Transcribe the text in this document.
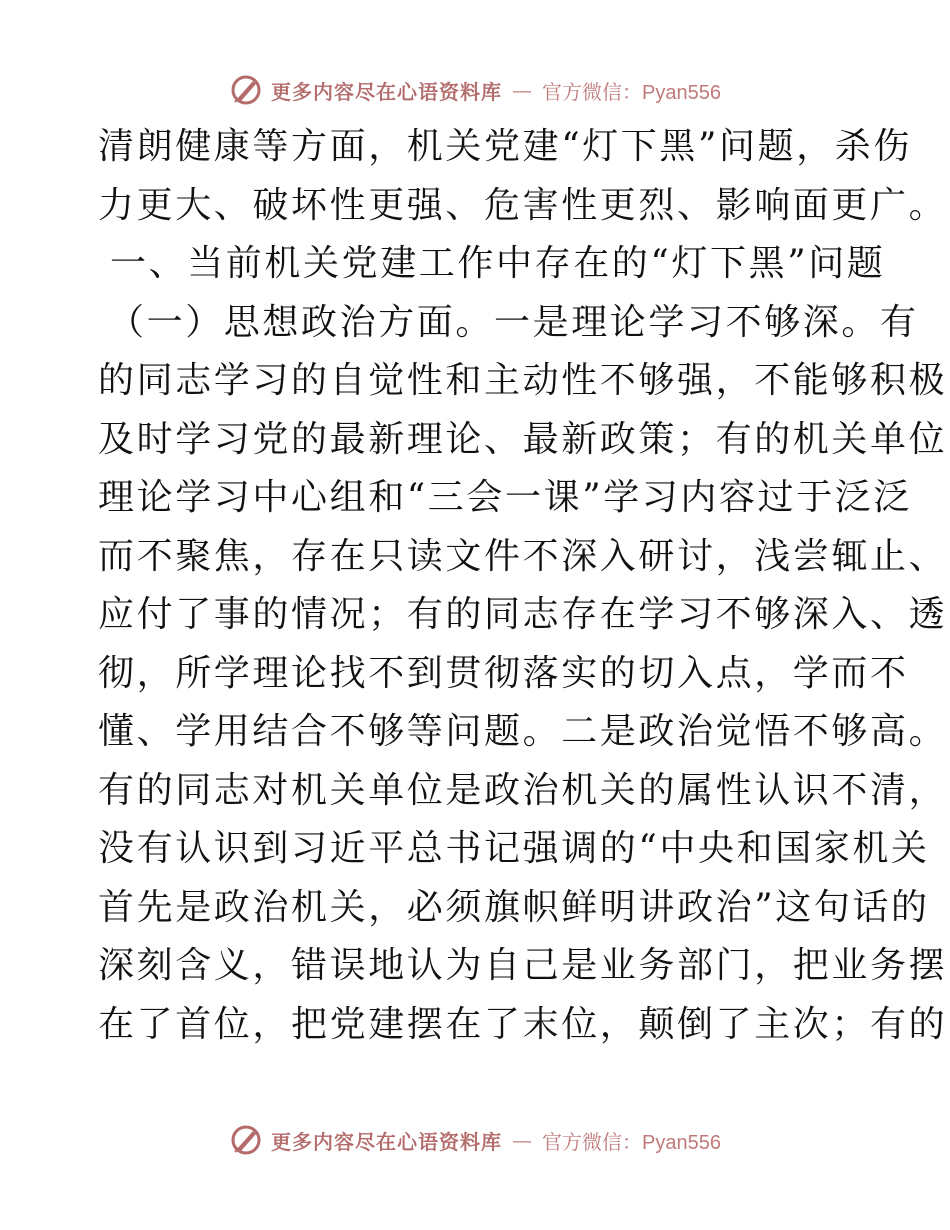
更多内容尽在心语资料库 — 官方微信：Pyan556
清朗健康等方面，机关党建“灯下黑”问题，杀伤
力更大、破坏性更强、危害性更烈、影响面更广。
一、当前机关党建工作中存在的“灯下黑”问题
（一）思想政治方面。一是理论学习不够深。有
的同志学习的自觉性和主动性不够强，不能够积极
及时学习党的最新理论、最新政策；有的机关单位
理论学习中心组和“三会一课”学习内容过于泛泛
而不聚焦，存在只读文件不深入研讨，浅尝辄止、
应付了事的情况；有的同志存在学习不够深入、透
彻，所学理论找不到贯彻落实的切入点，学而不
懂、学用结合不够等问题。二是政治觉悟不够高。
有的同志对机关单位是政治机关的属性认识不清，
没有认识到习近平总书记强调的“中央和国家机关
首先是政治机关，必须旗帜鲜明讲政治”这句话的
深刻含义，错误地认为自己是业务部门，把业务摆
在了首位，把党建摆在了末位，颠倒了主次；有的
更多内容尽在心语资料库 — 官方微信：Pyan556
